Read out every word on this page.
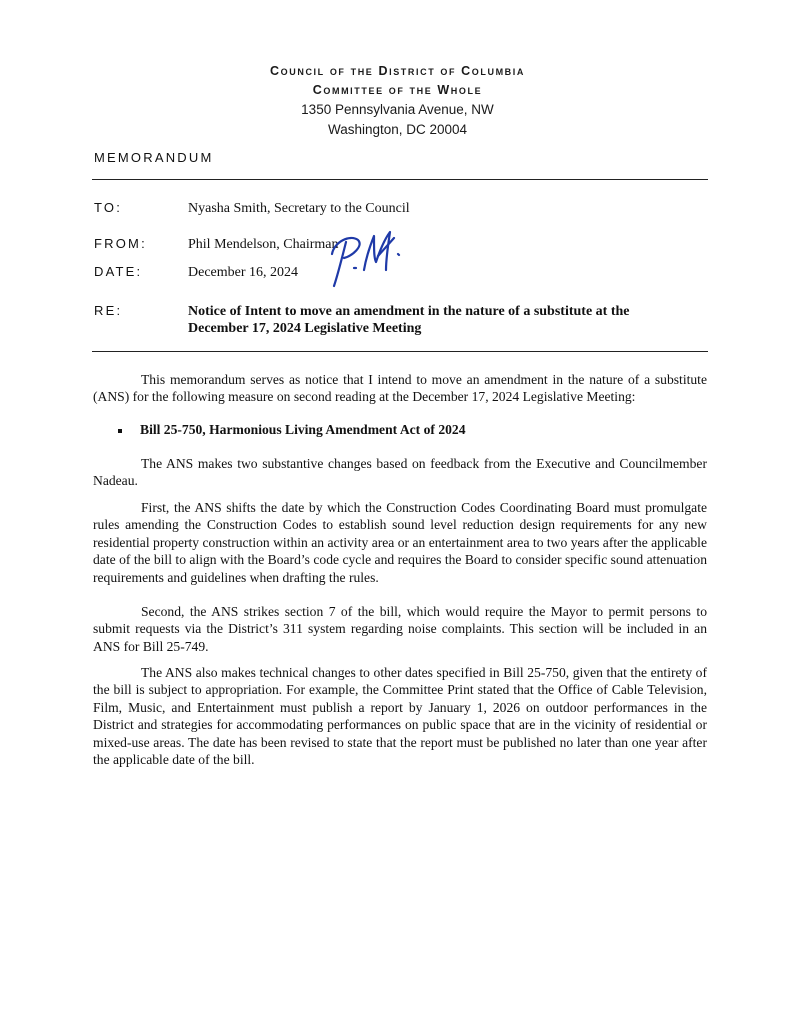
Council of the District of Columbia
Committee of the Whole
1350 Pennsylvania Avenue, NW
Washington, DC 20004
MEMORANDUM
TO:	Nyasha Smith, Secretary to the Council
FROM:	Phil Mendelson, Chairman
DATE:	December 16, 2024
RE:	Notice of Intent to move an amendment in the nature of a substitute at the December 17, 2024 Legislative Meeting

This memorandum serves as notice that I intend to move an amendment in the nature of a substitute (ANS) for the following measure on second reading at the December 17, 2024 Legislative Meeting:

Bill 25-750, Harmonious Living Amendment Act of 2024

The ANS makes two substantive changes based on feedback from the Executive and Councilmember Nadeau.

First, the ANS shifts the date by which the Construction Codes Coordinating Board must promulgate rules amending the Construction Codes to establish sound level reduction design requirements for any new residential property construction within an activity area or an entertainment area to two years after the applicable date of the bill to align with the Board’s code cycle and requires the Board to consider specific sound attenuation requirements and guidelines when drafting the rules.

Second, the ANS strikes section 7 of the bill, which would require the Mayor to permit persons to submit requests via the District’s 311 system regarding noise complaints. This section will be included in an ANS for Bill 25-749.

The ANS also makes technical changes to other dates specified in Bill 25-750, given that the entirety of the bill is subject to appropriation. For example, the Committee Print stated that the Office of Cable Television, Film, Music, and Entertainment must publish a report by January 1, 2026 on outdoor performances in the District and strategies for accommodating performances on public space that are in the vicinity of residential or mixed-use areas. The date has been revised to state that the report must be published no later than one year after the applicable date of the bill.
